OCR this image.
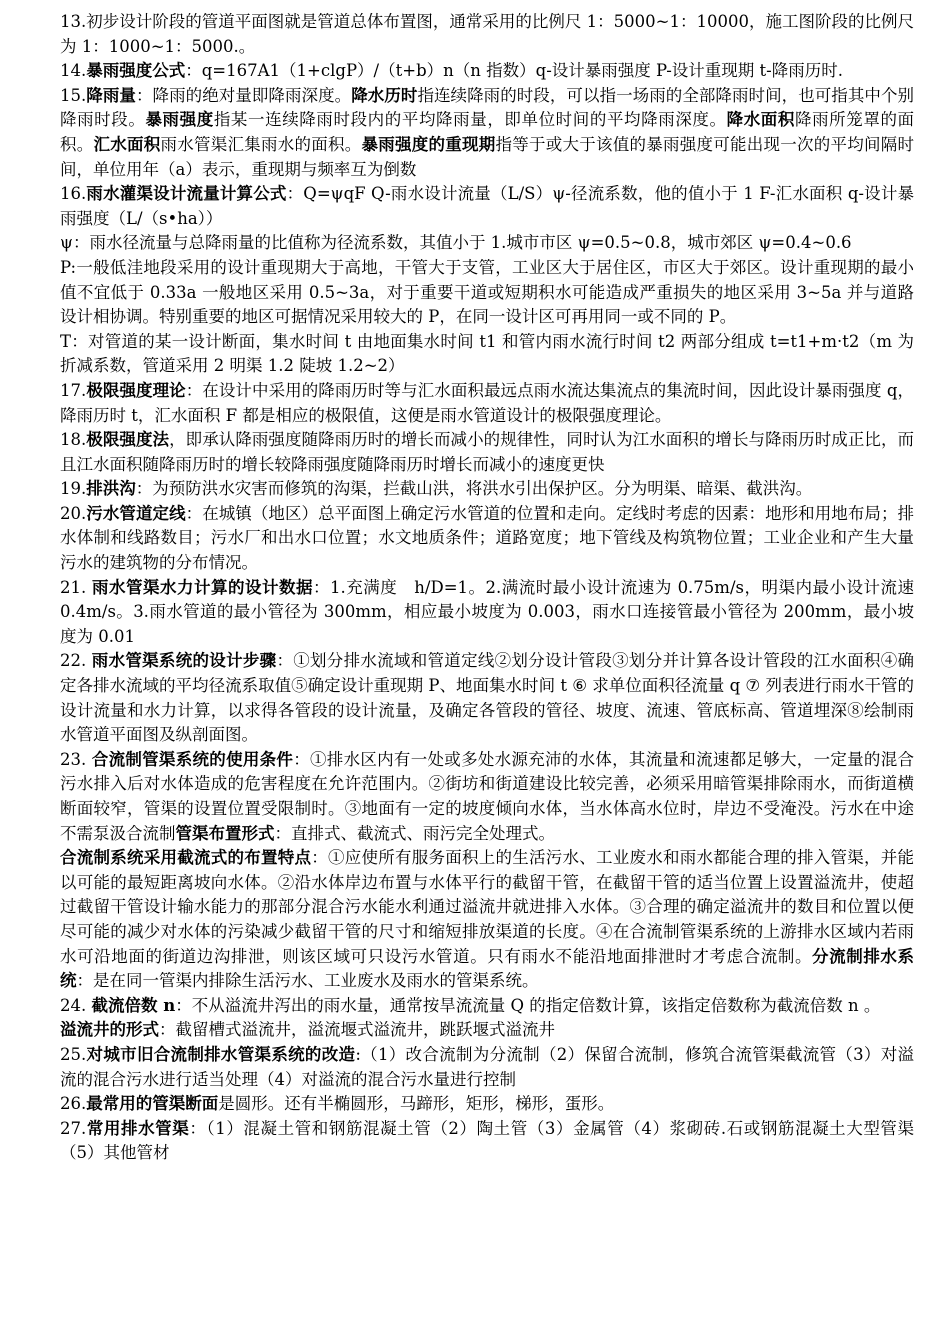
13.初步设计阶段的管道平面图就是管道总体布置图，通常采用的比例尺 1：5000~1：10000，施工图阶段的比例尺为 1：1000~1：5000.。

14.暴雨强度公式：q=167A1（1+clgP）/（t+b）n（n 指数）q-设计暴雨强度 P-设计重现期 t-降雨历时.

15.降雨量：降雨的绝对量即降雨深度。降水历时指连续降雨的时段，可以指一场雨的全部降雨时间，也可指其中个别降雨时段。暴雨强度指某一连续降雨时段内的平均降雨量，即单位时间的平均降雨深度。降水面积降雨所笼罩的面积。汇水面积雨水管渠汇集雨水的面积。暴雨强度的重现期指等于或大于该值的暴雨强度可能出现一次的平均间隔时间，单位用年（a）表示，重现期与频率互为倒数

16.雨水灌渠设计流量计算公式：Q=ψqF Q-雨水设计流量（L/S）ψ-径流系数，他的值小于 1 F-汇水面积 q-设计暴雨强度（L/（s•ha））

ψ：雨水径流量与总降雨量的比值称为径流系数，其值小于 1.城市市区 ψ=0.5~0.8，城市郊区 ψ=0.4~0.6

P:一般低洼地段采用的设计重现期大于高地，干管大于支管，工业区大于居住区，市区大于郊区。设计重现期的最小值不宜低于 0.33a 一般地区采用 0.5~3a，对于重要干道或短期积水可能造成严重损失的地区采用 3~5a 并与道路设计相协调。特别重要的地区可据情况采用较大的 P，在同一设计区可再用同一或不同的 P。

T：对管道的某一设计断面，集水时间 t 由地面集水时间 t1 和管内雨水流行时间 t2 两部分组成 t=t1+m·t2（m 为折减系数，管道采用 2 明渠 1.2 陡坡 1.2~2）

17.极限强度理论：在设计中采用的降雨历时等与汇水面积最远点雨水流达集流点的集流时间，因此设计暴雨强度 q，降雨历时 t，汇水面积 F 都是相应的极限值，这便是雨水管道设计的极限强度理论。

18.极限强度法，即承认降雨强度随降雨历时的增长而减小的规律性，同时认为江水面积的增长与降雨历时成正比，而且江水面积随降雨历时的增长较降雨强度随降雨历时增长而减小的速度更快

19.排洪沟：为预防洪水灾害而修筑的沟渠，拦截山洪，将洪水引出保护区。分为明渠、暗渠、截洪沟。

20.污水管道定线：在城镇（地区）总平面图上确定污水管道的位置和走向。定线时考虑的因素：地形和用地布局；排水体制和线路数目；污水厂和出水口位置；水文地质条件；道路宽度；地下管线及构筑物位置；工业企业和产生大量污水的建筑物的分布情况。

21. 雨水管渠水力计算的设计数据：1.充满度　h/D=1。2.满流时最小设计流速为 0.75m/s，明渠内最小设计流速 0.4m/s。3.雨水管道的最小管径为 300mm，相应最小坡度为 0.003，雨水口连接管最小管径为 200mm，最小坡度为 0.01

22. 雨水管渠系统的设计步骤：①划分排水流域和管道定线②划分设计管段③划分并计算各设计管段的江水面积④确定各排水流域的平均径流系取值⑤确定设计重现期 P、地面集水时间 t ⑥ 求单位面积径流量 q ⑦ 列表进行雨水干管的设计流量和水力计算，以求得各管段的设计流量，及确定各管段的管径、坡度、流速、管底标高、管道埋深⑧绘制雨水管道平面图及纵剖面图。

23. 合流制管渠系统的使用条件：①排水区内有一处或多处水源充沛的水体，其流量和流速都足够大，一定量的混合污水排入后对水体造成的危害程度在允许范围内。②街坊和街道建设比较完善，必须采用暗管渠排除雨水，而街道横断面较窄，管渠的设置位置受限制时。③地面有一定的坡度倾向水体，当水体高水位时，岸边不受淹没。污水在中途不需泵汲合流制管渠布置形式：直排式、截流式、雨污完全处理式。

合流制系统采用截流式的布置特点：①应使所有服务面积上的生活污水、工业废水和雨水都能合理的排入管渠，并能以可能的最短距离坡向水体。②沿水体岸边布置与水体平行的截留干管，在截留干管的适当位置上设置溢流井，使超过截留干管设计输水能力的那部分混合污水能水利通过溢流井就进排入水体。③合理的确定溢流井的数目和位置以便尽可能的减少对水体的污染减少截留干管的尺寸和缩短排放渠道的长度。④在合流制管渠系统的上游排水区域内若雨水可沿地面的街道边沟排泄，则该区域可只设污水管道。只有雨水不能沿地面排泄时才考虑合流制。分流制排水系统：是在同一管渠内排除生活污水、工业废水及雨水的管渠系统。

24. 截流倍数 n：不从溢流井泻出的雨水量，通常按旱流流量 Q 的指定倍数计算，该指定倍数称为截流倍数 n 。

溢流井的形式：截留槽式溢流井，溢流堰式溢流井，跳跃堰式溢流井

25.对城市旧合流制排水管渠系统的改造:（1）改合流制为分流制（2）保留合流制，修筑合流管渠截流管（3）对溢流的混合污水进行适当处理（4）对溢流的混合污水量进行控制

26.最常用的管渠断面是圆形。还有半椭圆形，马蹄形，矩形，梯形，蛋形。

27.常用排水管渠：（1）混凝土管和钢筋混凝土管（2）陶土管（3）金属管（4）浆砌砖.石或钢筋混凝土大型管渠（5）其他管材
